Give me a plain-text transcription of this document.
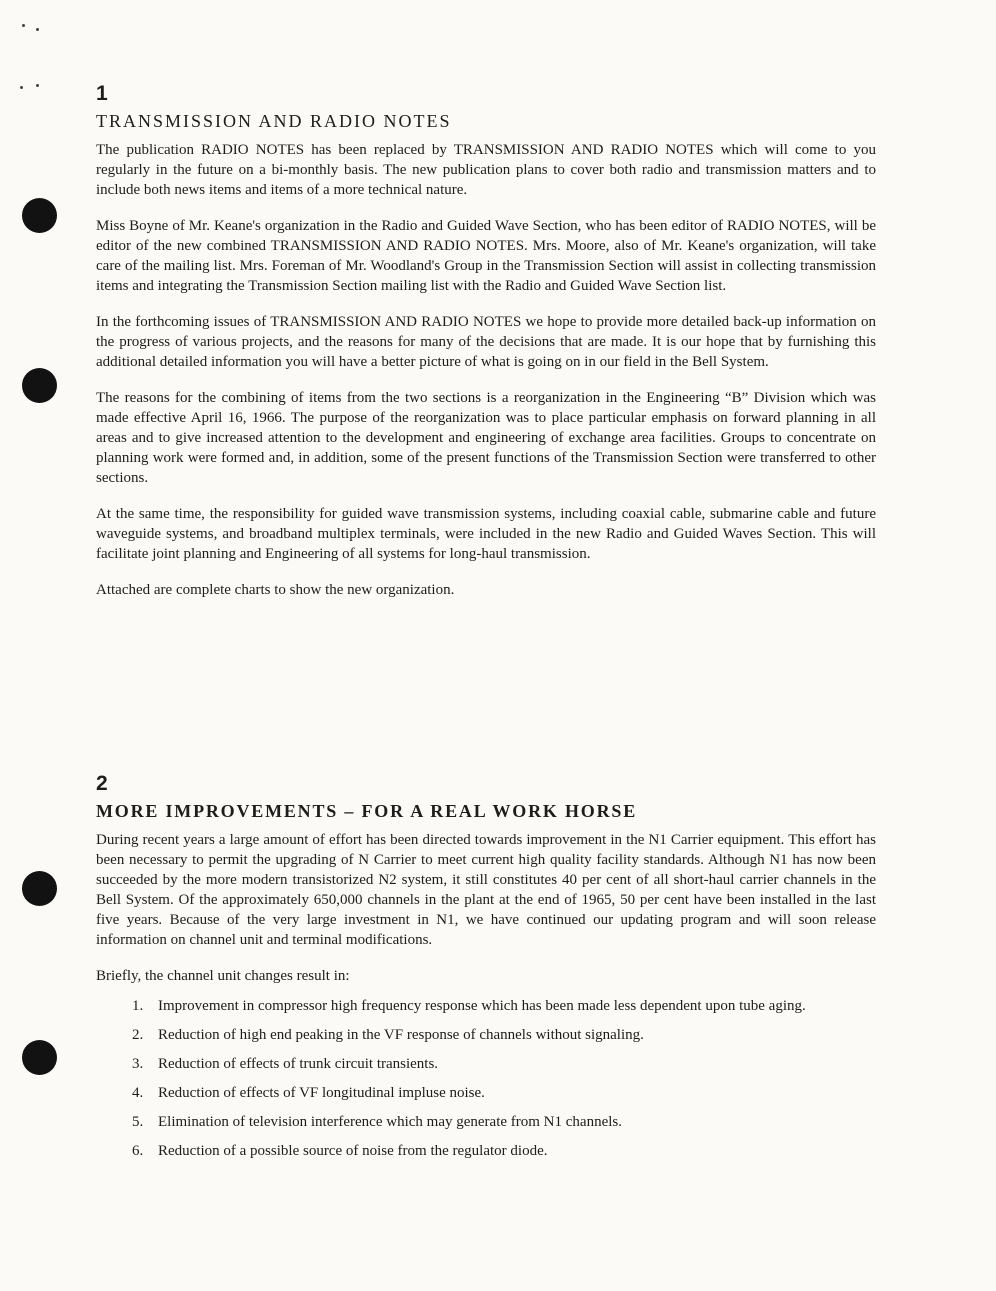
1
TRANSMISSION AND RADIO NOTES

The publication RADIO NOTES has been replaced by TRANSMISSION AND RADIO NOTES which will come to you regularly in the future on a bi-monthly basis. The new publication plans to cover both radio and transmission matters and to include both news items and items of a more technical nature.

Miss Boyne of Mr. Keane's organization in the Radio and Guided Wave Section, who has been editor of RADIO NOTES, will be editor of the new combined TRANSMISSION AND RADIO NOTES. Mrs. Moore, also of Mr. Keane's organization, will take care of the mailing list. Mrs. Foreman of Mr. Woodland's Group in the Transmission Section will assist in collecting transmission items and integrating the Transmission Section mailing list with the Radio and Guided Wave Section list.

In the forthcoming issues of TRANSMISSION AND RADIO NOTES we hope to provide more detailed back-up information on the progress of various projects, and the reasons for many of the decisions that are made. It is our hope that by furnishing this additional detailed information you will have a better picture of what is going on in our field in the Bell System.

The reasons for the combining of items from the two sections is a reorganization in the Engineering “B” Division which was made effective April 16, 1966. The purpose of the reorganization was to place particular emphasis on forward planning in all areas and to give increased attention to the development and engineering of exchange area facilities. Groups to concentrate on planning work were formed and, in addition, some of the present functions of the Transmission Section were transferred to other sections.

At the same time, the responsibility for guided wave transmission systems, including coaxial cable, submarine cable and future waveguide systems, and broadband multiplex terminals, were included in the new Radio and Guided Waves Section. This will facilitate joint planning and Engineering of all systems for long-haul transmission.

Attached are complete charts to show the new organization.

2
MORE IMPROVEMENTS – FOR A REAL WORK HORSE

During recent years a large amount of effort has been directed towards improvement in the N1 Carrier equipment. This effort has been necessary to permit the upgrading of N Carrier to meet current high quality facility standards. Although N1 has now been succeeded by the more modern transistorized N2 system, it still constitutes 40 per cent of all short-haul carrier channels in the Bell System. Of the approximately 650,000 channels in the plant at the end of 1965, 50 per cent have been installed in the last five years. Because of the very large investment in N1, we have continued our updating program and will soon release information on channel unit and terminal modifications.

Briefly, the channel unit changes result in:

1. Improvement in compressor high frequency response which has been made less dependent upon tube aging.
2. Reduction of high end peaking in the VF response of channels without signaling.
3. Reduction of effects of trunk circuit transients.
4. Reduction of effects of VF longitudinal impluse noise.
5. Elimination of television interference which may generate from N1 channels.
6. Reduction of a possible source of noise from the regulator diode.
